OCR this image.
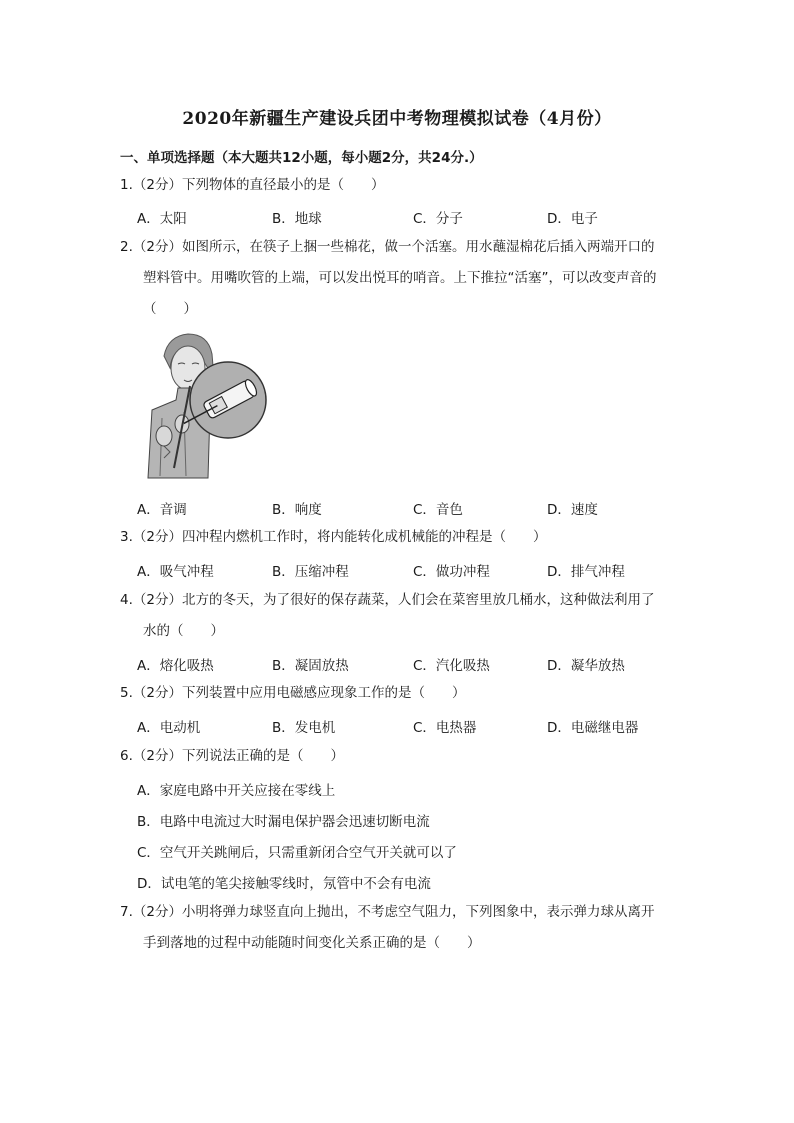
2020年新疆生产建设兵团中考物理模拟试卷（4月份）
一、单项选择题（本大题共12小题，每小题2分，共24分.）
1.（2分）下列物体的直径最小的是（　　）
A．太阳	B．地球	C．分子	D．电子
2.（2分）如图所示，在筷子上捆一些棉花，做一个活塞。用水蘸湿棉花后插入两端开口的
塑料管中。用嘴吹管的上端，可以发出悦耳的哨音。上下推拉“活塞”，可以改变声音的
（　　）
A．音调	B．响度	C．音色	D．速度
3.（2分）四冲程内燃机工作时，将内能转化成机械能的冲程是（　　）
A．吸气冲程	B．压缩冲程	C．做功冲程	D．排气冲程
4.（2分）北方的冬天，为了很好的保存蔬菜，人们会在菜窖里放几桶水，这种做法利用了
水的（　　）
A．熔化吸热	B．凝固放热	C．汽化吸热	D．凝华放热
5.（2分）下列装置中应用电磁感应现象工作的是（　　）
A．电动机	B．发电机	C．电热器	D．电磁继电器
6.（2分）下列说法正确的是（　　）
A．家庭电路中开关应接在零线上
B．电路中电流过大时漏电保护器会迅速切断电流
C．空气开关跳闸后，只需重新闭合空气开关就可以了
D．试电笔的笔尖接触零线时，氖管中不会有电流
7.（2分）小明将弹力球竖直向上抛出，不考虑空气阻力，下列图象中，表示弹力球从离开
手到落地的过程中动能随时间变化关系正确的是（　　）
